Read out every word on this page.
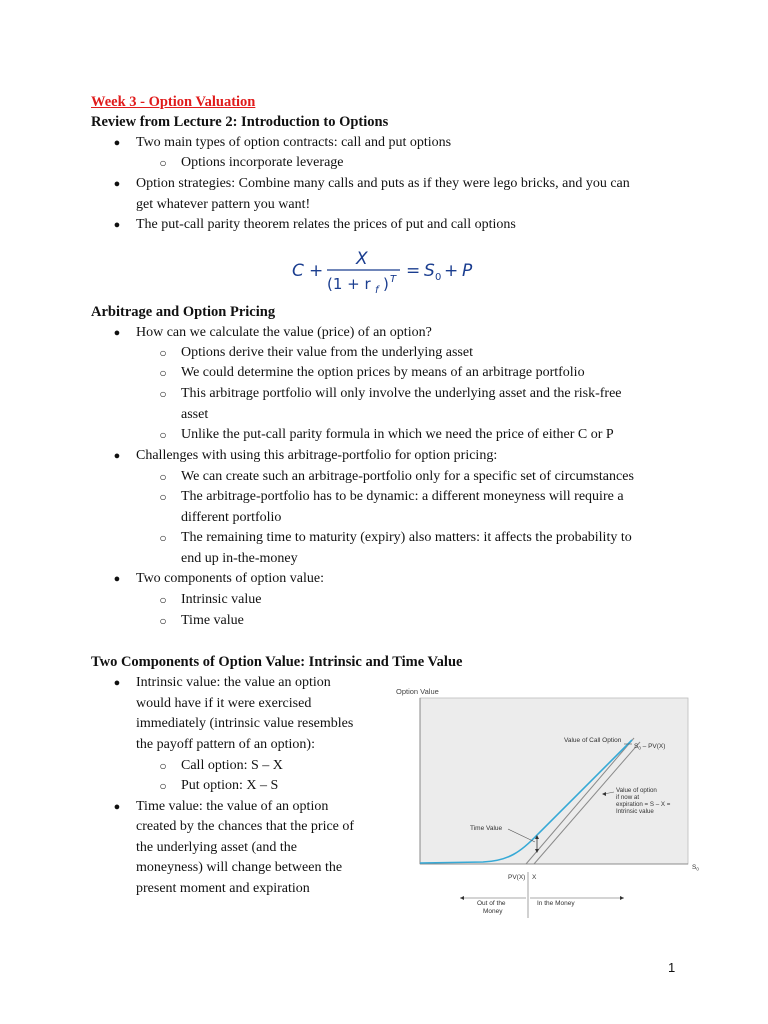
Week 3 - Option Valuation
Review from Lecture 2: Introduction to Options
● Two main types of option contracts: call and put options
○ Options incorporate leverage
● Option strategies: Combine many calls and puts as if they were lego bricks, and you can
get whatever pattern you want!
● The put-call parity theorem relates the prices of put and call options
C +
X
(1 + r f ) T = S 0 + P
Arbitrage and Option Pricing
● How can we calculate the value (price) of an option?
○ Options derive their value from the underlying asset
○ We could determine the option prices by means of an arbitrage portfolio
○ This arbitrage portfolio will only involve the underlying asset and the risk-free
asset
○ Unlike the put-call parity formula in which we need the price of either C or P
● Challenges with using this arbitrage-portfolio for option pricing:
○ We can create such an arbitrage-portfolio only for a specific set of circumstances
○ The arbitrage-portfolio has to be dynamic: a different moneyness will require a
different portfolio
○ The remaining time to maturity (expiry) also matters: it affects the probability to
end up in-the-money
● Two components of option value:
○ Intrinsic value
○ Time value
Two Components of Option Value: Intrinsic and Time Value
● Intrinsic value: the value an option
would have if it were exercised
immediately (intrinsic value resembles
the payoff pattern of an option):
○ Call option: S – X
○ Put option: X – S
● Time value: the value of an option
created by the chances that the price of
the underlying asset (and the
moneyness) will change between the
present moment and expiration
Option Value
Time Value
Value of Call Option
$S_0 - PV(X)$
Value of option
if now at
expiration = S – X =
Intrinsic value
$S_0$
PV(X) X
Out of the
Money
In the Money
1
